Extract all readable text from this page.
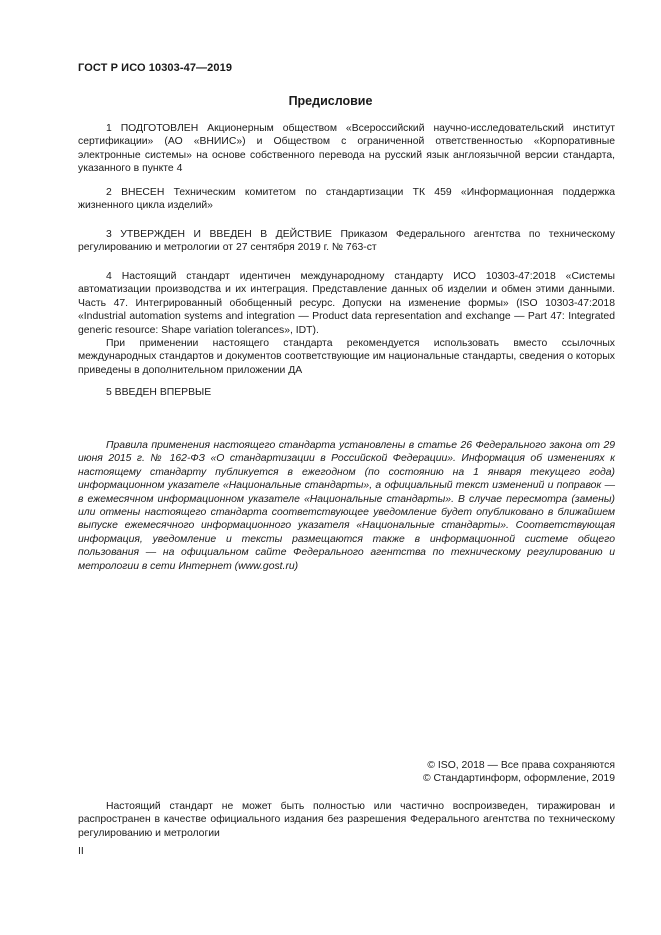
ГОСТ Р ИСО 10303-47—2019
Предисловие

1 ПОДГОТОВЛЕН Акционерным обществом «Всероссийский научно-исследовательский институт сертификации» (АО «ВНИИС») и Обществом с ограниченной ответственностью «Корпоративные электронные системы» на основе собственного перевода на русский язык англоязычной версии стандарта, указанного в пункте 4

2 ВНЕСЕН Техническим комитетом по стандартизации ТК 459 «Информационная поддержка жизненного цикла изделий»

3 УТВЕРЖДЕН И ВВЕДЕН В ДЕЙСТВИЕ Приказом Федерального агентства по техническому регулированию и метрологии от 27 сентября 2019 г. № 763-ст

4 Настоящий стандарт идентичен международному стандарту ИСО 10303-47:2018 «Системы автоматизации производства и их интеграция. Представление данных об изделии и обмен этими данными. Часть 47. Интегрированный обобщенный ресурс. Допуски на изменение формы» (ISO 10303-47:2018 «Industrial automation systems and integration — Product data representation and exchange — Part 47: Integrated generic resource: Shape variation tolerances», IDT).

При применении настоящего стандарта рекомендуется использовать вместо ссылочных международных стандартов и документов соответствующие им национальные стандарты, сведения о которых приведены в дополнительном приложении ДА

5 ВВЕДЕН ВПЕРВЫЕ

Правила применения настоящего стандарта установлены в статье 26 Федерального закона от 29 июня 2015 г. № 162-ФЗ «О стандартизации в Российской Федерации». Информация об изменениях к настоящему стандарту публикуется в ежегодном (по состоянию на 1 января текущего года) информационном указателе «Национальные стандарты», а официальный текст изменений и поправок — в ежемесячном информационном указателе «Национальные стандарты». В случае пересмотра (замены) или отмены настоящего стандарта соответствующее уведомление будет опубликовано в ближайшем выпуске ежемесячного информационного указателя «Национальные стандарты». Соответствующая информация, уведомление и тексты размещаются также в информационной системе общего пользования — на официальном сайте Федерального агентства по техническому регулированию и метрологии в сети Интернет (www.gost.ru)

© ISO, 2018 — Все права сохраняются
© Стандартинформ, оформление, 2019

Настоящий стандарт не может быть полностью или частично воспроизведен, тиражирован и распространен в качестве официального издания без разрешения Федерального агентства по техническому регулированию и метрологии

II
